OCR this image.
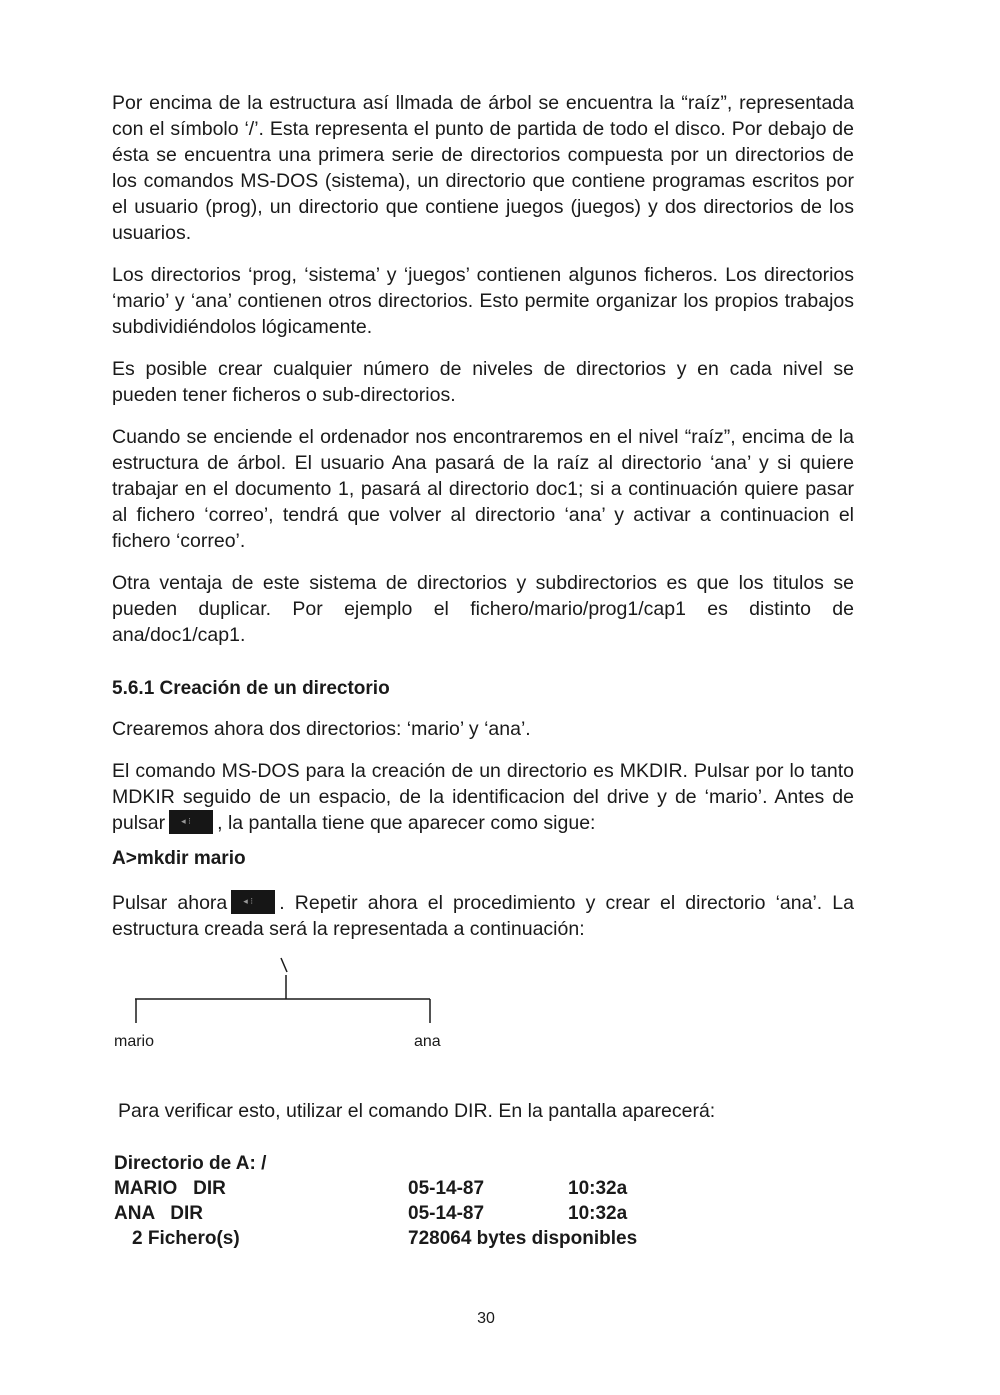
Por encima de la estructura así llmada de árbol se encuentra la “raíz”, representada con el símbolo ‘/’. Esta representa el punto de partida de todo el disco. Por debajo de ésta se encuentra una primera serie de directorios compuesta por un directorios de los comandos MS-DOS (sistema), un directorio que contiene programas escritos por el usuario (prog), un directorio que contiene juegos (juegos) y dos directorios de los usuarios.

Los directorios ‘prog, ‘sistema’ y ‘juegos’ contienen algunos ficheros. Los directorios ‘mario’ y ‘ana’ contienen otros directorios. Esto permite organizar los propios trabajos subdividiéndolos lógicamente.

Es posible crear cualquier número de niveles de directorios y en cada nivel se pueden tener ficheros o sub-directorios.

Cuando se enciende el ordenador nos encontraremos en el nivel “raíz”, encima de la estructura de árbol. El usuario Ana pasará de la raíz al directorio ‘ana’ y si quiere trabajar en el documento 1, pasará al directorio doc1; si a continuación quiere pasar al fichero ‘correo’, tendrá que volver al directorio ‘ana’ y activar a continuacion el fichero ‘correo’.

Otra ventaja de este sistema de directorios y subdirectorios es que los titulos se pueden duplicar. Por ejemplo el fichero/mario/prog1/cap1 es distinto de ana/doc1/cap1.

5.6.1 Creación de un directorio

Crearemos ahora dos directorios: ‘mario’ y ‘ana’.

El comando MS-DOS para la creación de un directorio es MKDIR. Pulsar por lo tanto MDKIR seguido de un espacio, de la identificacion del drive y de ‘mario’. Antes de pulsar ◂ ⁝ , la pantalla tiene que aparecer como sigue:

A>mkdir mario

Pulsar ahora ◂ ⁝ . Repetir ahora el procedimiento y crear el directorio ‘ana’. La estructura creada será la representada a continuación:

mario	ana

Para verificar esto, utilizar el comando DIR. En la pantalla aparecerá:

Directorio de A: /
MARIO   DIR	05-14-87	10:32a
ANA   DIR	05-14-87	10:32a
2 Fichero(s)	728064 bytes disponibles
30
